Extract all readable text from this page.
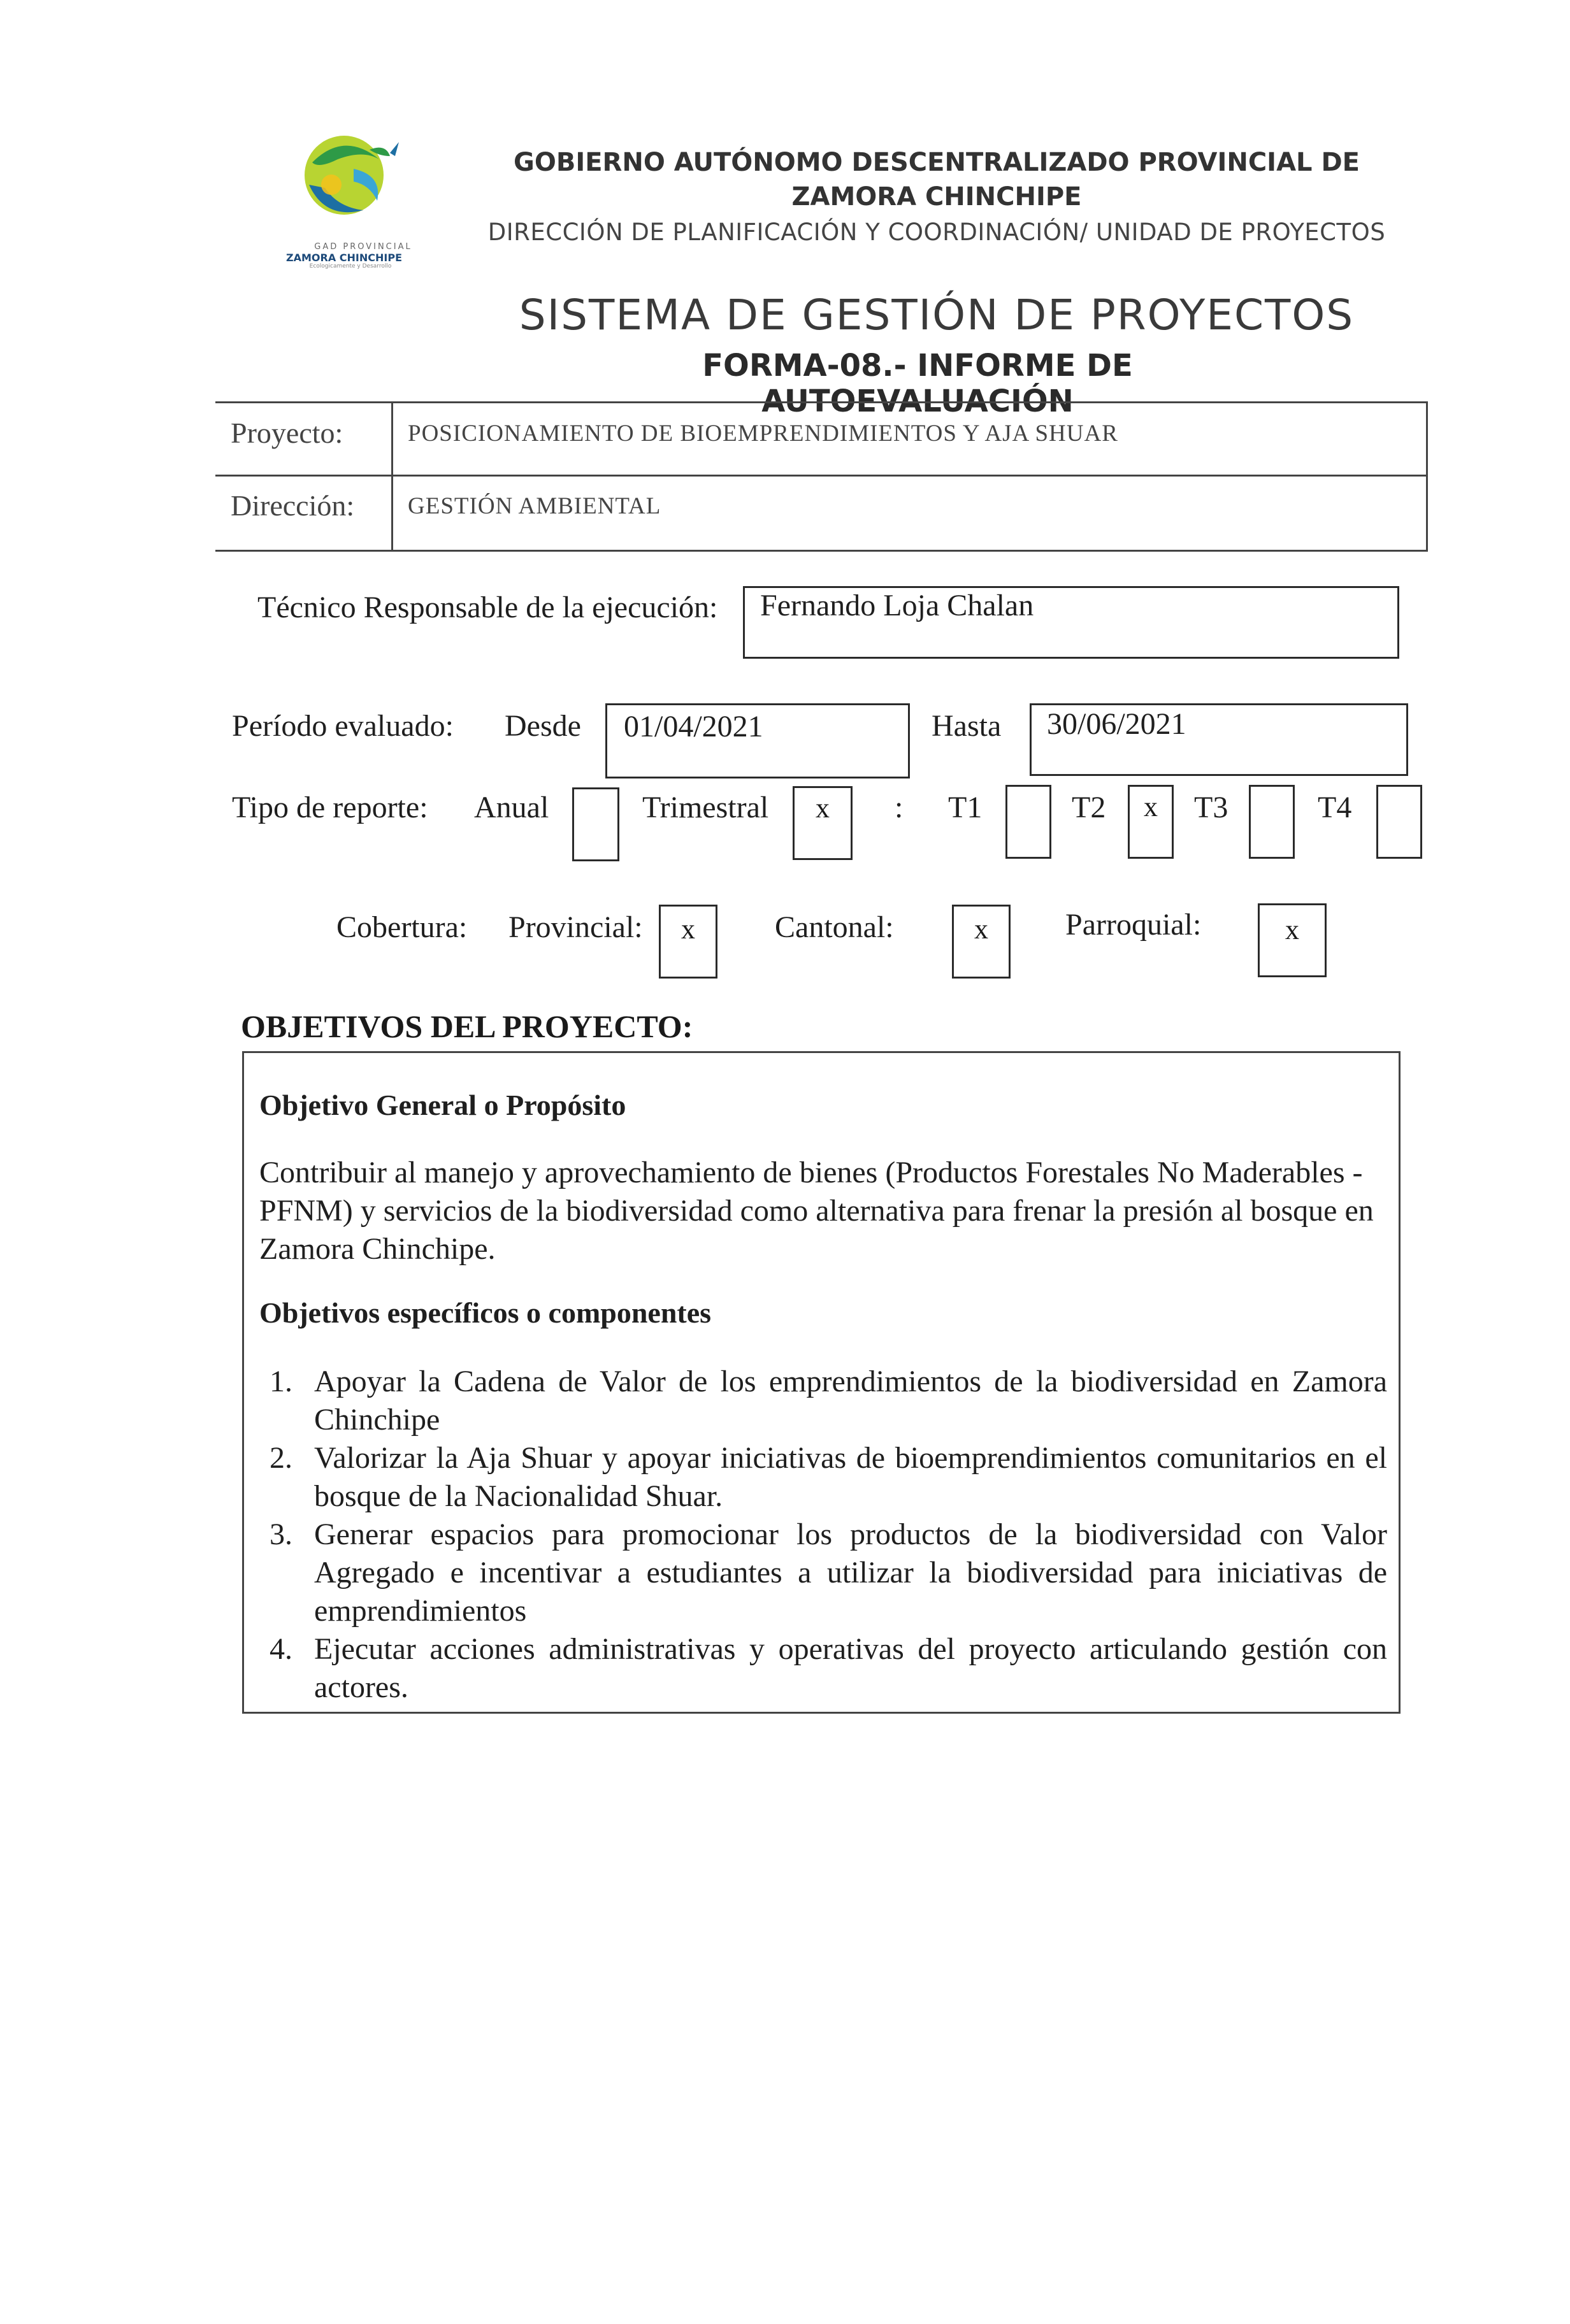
GAD PROVINCIAL
ZAMORA CHINCHIPE
Ecologicamente y Desarrollo
GOBIERNO AUTÓNOMO DESCENTRALIZADO PROVINCIAL DE ZAMORA CHINCHIPE
DIRECCIÓN DE PLANIFICACIÓN Y COORDINACIÓN/ UNIDAD DE PROYECTOS
SISTEMA DE GESTIÓN DE PROYECTOS
FORMA-08.- INFORME DE AUTOEVALUACIÓN
Proyecto:	POSICIONAMIENTO DE BIOEMPRENDIMIENTOS Y AJA SHUAR
Dirección: GESTIÓN AMBIENTAL
Técnico Responsable de la ejecución: Fernando Loja Chalan
Período evaluado: Desde 01/04/2021	Hasta 30/06/2021
Tipo de reporte: Anual	Trimestral	x	: T1	T2	x	T3	T4
Cobertura: Provincial:	x	Cantonal:	x	Parroquial:	x
OBJETIVOS DEL PROYECTO:
Objetivo General o Propósito

Contribuir al manejo y aprovechamiento de bienes (Productos Forestales No Maderables - PFNM) y servicios de la biodiversidad como alternativa para frenar la presión al bosque en Zamora Chinchipe.

Objetivos específicos o componentes
1. Apoyar la Cadena de Valor de los emprendimientos de la biodiversidad en Zamora Chinchipe
2. Valorizar la Aja Shuar y apoyar iniciativas de bioemprendimientos comunitarios en el bosque de la Nacionalidad Shuar.
3. Generar espacios para promocionar los productos de la biodiversidad con Valor Agregado e incentivar a estudiantes a utilizar la biodiversidad para iniciativas de emprendimientos
4. Ejecutar acciones administrativas y operativas del proyecto articulando gestión con actores.
